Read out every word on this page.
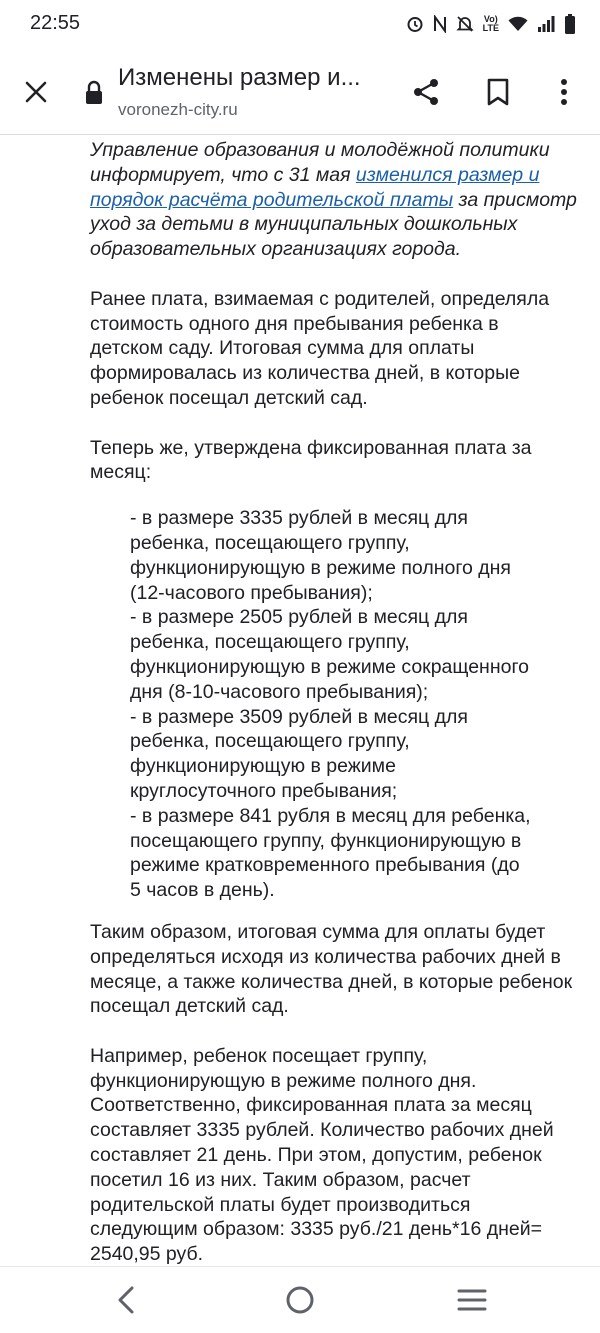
22:55	Vo)
LTE
Изменены размер и...
voronezh-city.ru

Управление образования и молодёжной политики

информирует, что с 31 мая изменился размер и

порядок расчёта родительской платы за присмотр

уход за детьми в муниципальных дошкольных

образовательных организациях города.

Ранее плата, взимаемая с родителей, определяла

стоимость одного дня пребывания ребенка в

детском саду. Итоговая сумма для оплаты

формировалась из количества дней, в которые

ребенок посещал детский сад.

Теперь же, утверждена фиксированная плата за

месяц:

- в размере 3335 рублей в месяц для

ребенка, посещающего группу,

функционирующую в режиме полного дня

(12-часового пребывания);

- в размере 2505 рублей в месяц для

ребенка, посещающего группу,

функционирующую в режиме сокращенного

дня (8-10-часового пребывания);

- в размере 3509 рублей в месяц для

ребенка, посещающего группу,

функционирующую в режиме

круглосуточного пребывания;

- в размере 841 рубля в месяц для ребенка,

посещающего группу, функционирующую в

режиме кратковременного пребывания (до

5 часов в день).

Таким образом, итоговая сумма для оплаты будет

определяться исходя из количества рабочих дней в

месяце, а также количества дней, в которые ребенок

посещал детский сад.

Например, ребенок посещает группу,

функционирующую в режиме полного дня.

Соответственно, фиксированная плата за месяц

составляет 3335 рублей. Количество рабочих дней

составляет 21 день. При этом, допустим, ребенок

посетил 16 из них. Таким образом, расчет

родительской платы будет производиться

следующим образом: 3335 руб./21 день*16 дней=

2540,95 руб.
